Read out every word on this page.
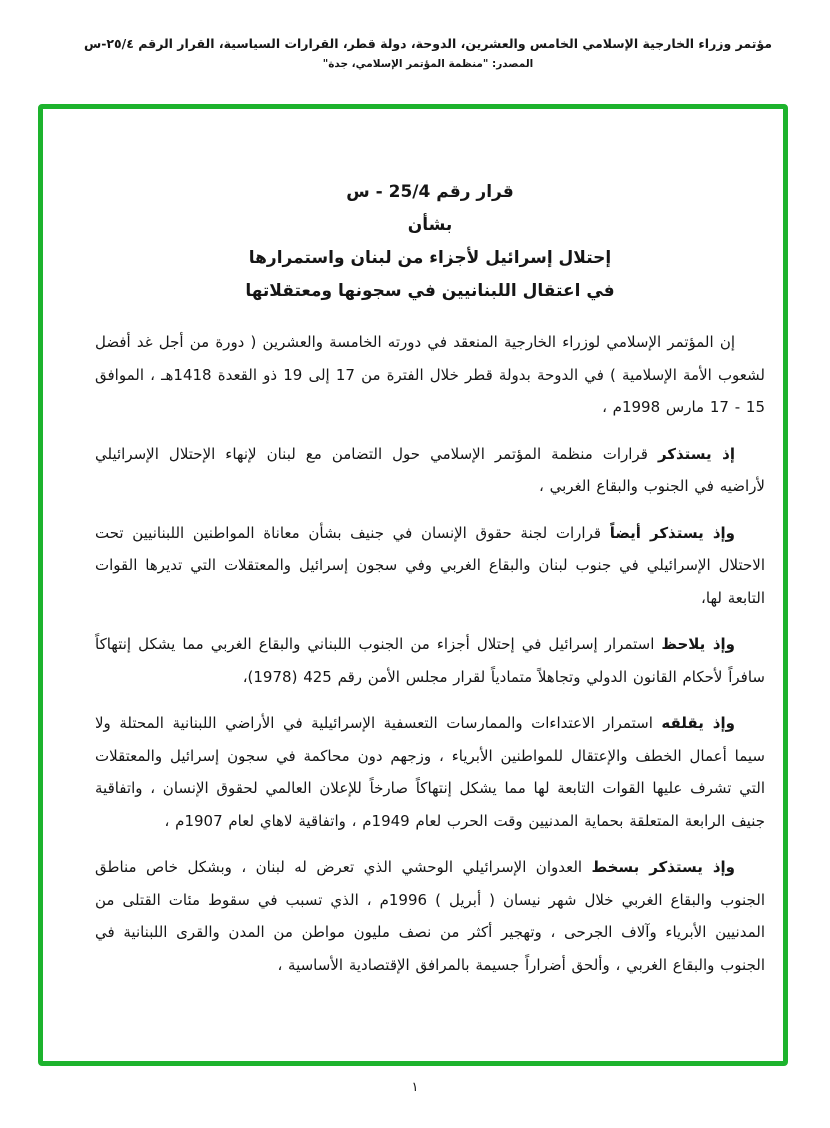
مؤتمر وزراء الخارجية الإسلامي الخامس والعشرين، الدوحة، دولة قطر، القرارات السياسية، القرار الرقم ٢٥/٤-س
المصدر: "منظمة المؤتمر الإسلامي، جدة"
قرار رقم 25/4 - س
بشأن
إحتلال إسرائيل لأجزاء من لبنان واستمرارها
في اعتقال اللبنانيين في سجونها ومعتقلاتها

إن المؤتمر الإسلامي لوزراء الخارجية المنعقد في دورته الخامسة والعشرين ( دورة من أجل غد أفضل لشعوب الأمة الإسلامية ) في الدوحة بدولة قطر خلال الفترة من 17 إلى 19 ذو القعدة 1418هـ ، الموافق 15 - 17 مارس 1998م ،

إذ يستذكر قرارات منظمة المؤتمر الإسلامي حول التضامن مع لبنان لإنهاء الإحتلال الإسرائيلي لأراضيه في الجنوب والبقاع الغربي ،

وإذ يستذكر أيضاً قرارات لجنة حقوق الإنسان في جنيف بشأن معاناة المواطنين اللبنانيين تحت الاحتلال الإسرائيلي في جنوب لبنان والبقاع الغربي وفي سجون إسرائيل والمعتقلات التي تديرها القوات التابعة لها،

وإذ يلاحظ استمرار إسرائيل في إحتلال أجزاء من الجنوب اللبناني والبقاع الغربي مما يشكل إنتهاكاً سافراً لأحكام القانون الدولي وتجاهلاً متمادياً لقرار مجلس الأمن رقم 425 (1978)،

وإذ يقلقه استمرار الاعتداءات والممارسات التعسفية الإسرائيلية في الأراضي اللبنانية المحتلة ولا سيما أعمال الخطف والإعتقال للمواطنين الأبرياء ، وزجهم دون محاكمة في سجون إسرائيل والمعتقلات التي تشرف عليها القوات التابعة لها مما يشكل إنتهاكاً صارخاً للإعلان العالمي لحقوق الإنسان ، واتفاقية جنيف الرابعة المتعلقة بحماية المدنيين وقت الحرب لعام 1949م ، واتفاقية لاهاي لعام 1907م ،

وإذ يستذكر بسخط العدوان الإسرائيلي الوحشي الذي تعرض له لبنان ، وبشكل خاص مناطق الجنوب والبقاع الغربي خلال شهر نيسان ( أبريل ) 1996م ، الذي تسبب في سقوط مئات القتلى من المدنيين الأبرياء وآلاف الجرحى ، وتهجير أكثر من نصف مليون مواطن من المدن والقرى اللبنانية في الجنوب والبقاع الغربي ، وألحق أضراراً جسيمة بالمرافق الإقتصادية الأساسية ،

١
